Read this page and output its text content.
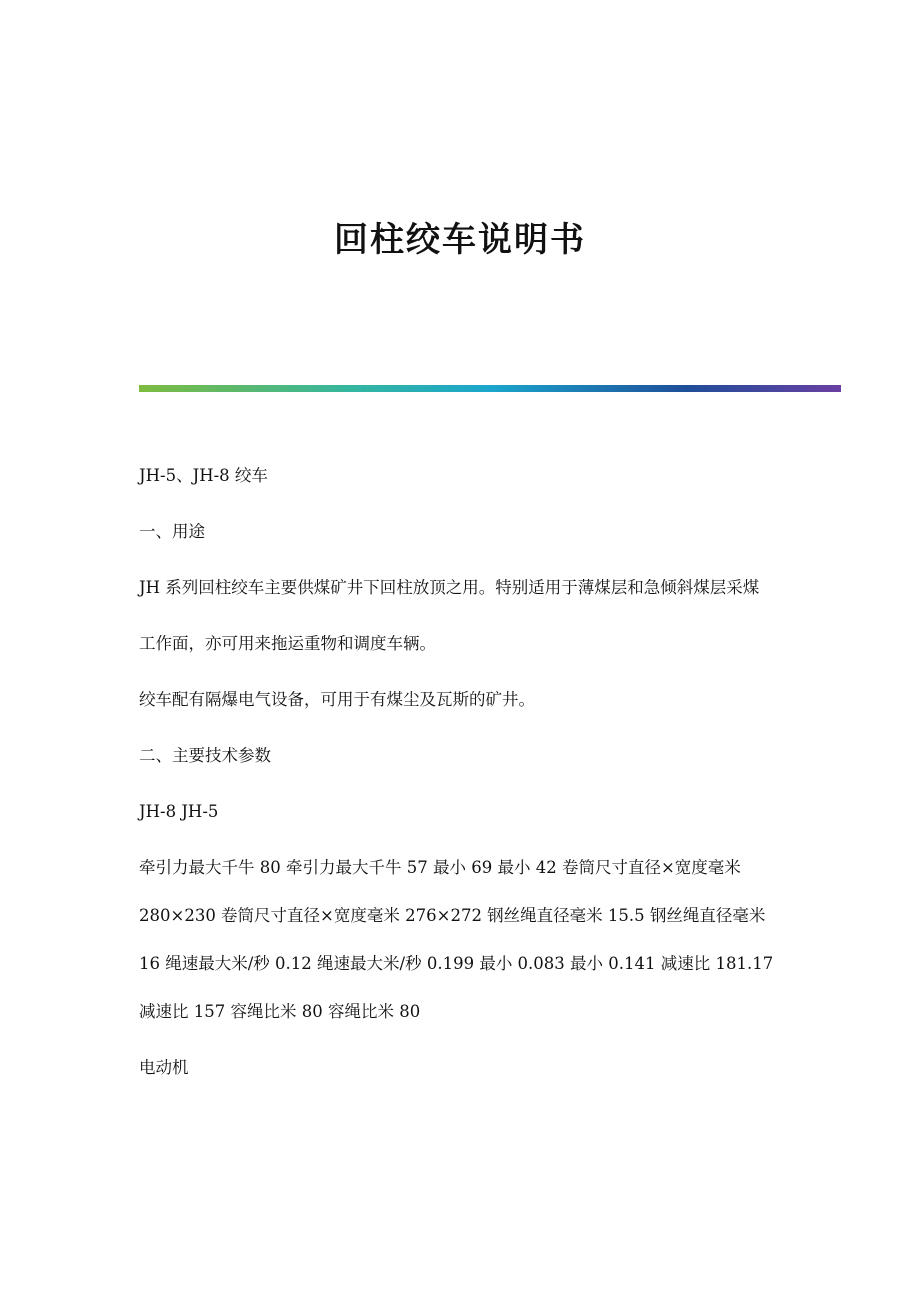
回柱绞车说明书

JH-5、JH-8 绞车

一、用途

JH 系列回柱绞车主要供煤矿井下回柱放顶之用。特别适用于薄煤层和急倾斜煤层采煤

工作面，亦可用来拖运重物和调度车辆。

绞车配有隔爆电气设备，可用于有煤尘及瓦斯的矿井。

二、主要技术参数

JH-8 JH-5

牵引力最大千牛 80 牵引力最大千牛 57 最小 69 最小 42 卷筒尺寸直径×宽度毫米 280×230 卷筒尺寸直径×宽度毫米 276×272 钢丝绳直径毫米 15.5 钢丝绳直径毫米 16 绳速最大米/秒 0.12 绳速最大米/秒 0.199 最小 0.083 最小 0.141 减速比 181.17 减速比 157 容绳比米 80 容绳比米 80

电动机
